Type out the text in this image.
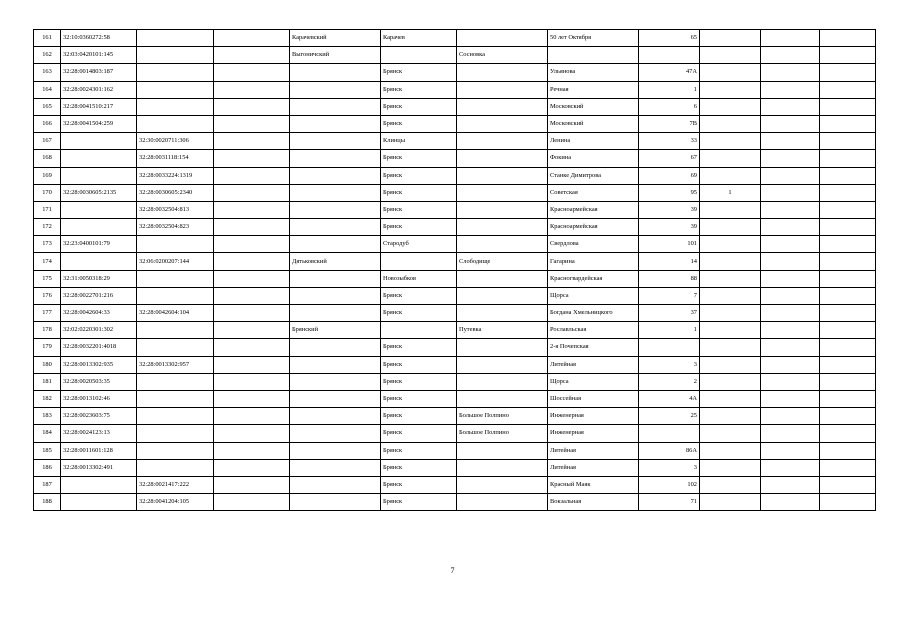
161	32:10:0360272:58			Карачевский	Карачев		50 лет Октября	65			
162	32:03:0420101:145			Выгоничский		Сосновка					
163	32:28:0014803:187				Брянск		Ульянова	47А			
164	32:28:0024301:162				Брянск		Речная	1			
165	32:28:0041510:217				Брянск		Московский	6			
166	32:28:0041504:259				Брянск		Московский	7В			
167		32:30:0020711:306			Клинцы		Ленина	33			
168		32:28:0031118:154			Брянск		Фокина	67			
169		32:28:0033224:1319			Брянск		Станке Димитрова	69			
170	32:28:0030605:2135	32:28:0030605:2340			Брянск		Советская	95	1		
171		32:28:0032504:813			Брянск		Красноармейская	39			
172		32:28:0032504:823			Брянск		Красноармейская	39			
173	32:23:0400101:79				Стародуб		Свердлова	101			
174		32:06:0200207:144		Дятьковский		Слободище	Гагарина	14			
175	32:31:0050318:29				Новозыбков		Красногвардейская	88			
176	32:28:0022701:216				Брянск		Щорса	7			
177	32:28:0042604:33	32:28:0042604:104			Брянск		Богдана Хмельницкого	37			
178	32:02:0220301:302			Брянский		Путевка	Рославльская	1			
179	32:28:0032201:4018				Брянск		2-я Почепская				
180	32:28:0013302:935	32:28:0013302:957			Брянск		Литейная	3			
181	32:28:0020503:35				Брянск		Щорса	2			
182	32:28:0013102:46				Брянск		Шоссейная	4А			
183	32:28:0023603:75				Брянск	Большое Полпино	Инженерная	25			
184	32:28:0024123:13				Брянск	Большое Полпино	Инженерная				
185	32:28:0011601:128				Брянск		Литейная	86А			
186	32:28:0013302:491				Брянск		Литейная	3			
187		32:28:0021417:222			Брянск		Красный Маяк	102			
188		32:28:0041204:105			Брянск		Вокзальная	71			
7
